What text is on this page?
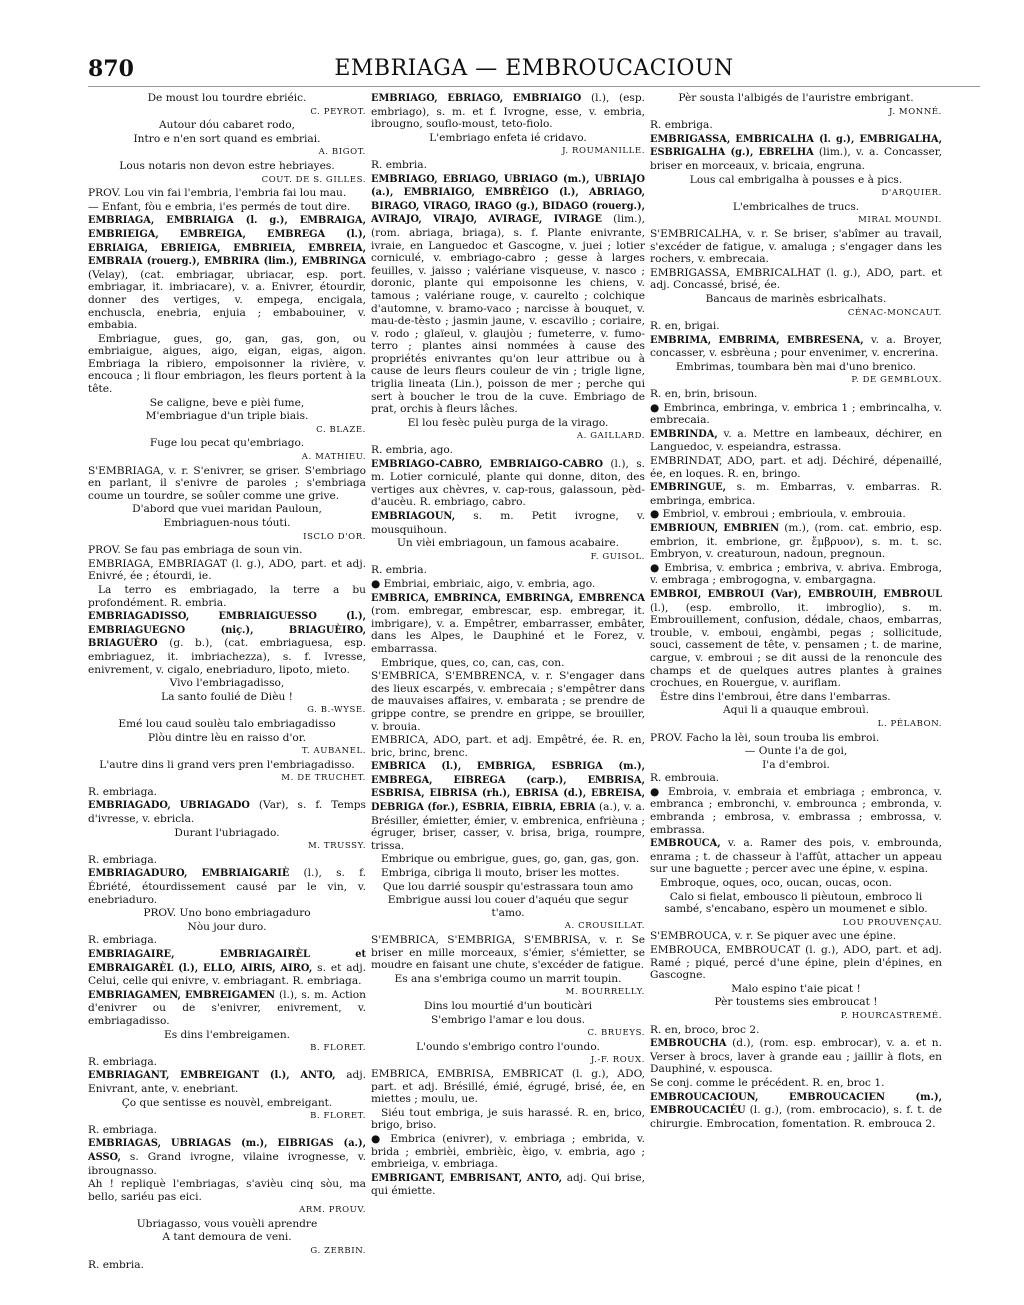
870	EMBRIAGA — EMBROUCACIOUN

De moust lou tourdre ebriéic.

C. PEYROT.

Autour dóu cabaret rodo,

Intro e n'en sort quand es embriai.

A. BIGOT.

Lous notaris non devon estre hebriayes.

COUT. DE S. GILLES.

PROV. Lou vin fai l'embria, l'embria fai lou mau.

— Enfant, fòu e embria, i'es permés de tout dire.

EMBRIAGA, EMBRIAIGA (l. g.), EMBRAIGA, EMBRIEIGA, EMBREIGA, EMBREGA (l.), EBRIAIGA, EBRIEIGA, EMBRIEIA, EMBREIA, EMBRAIA (rouerg.), EMBRIRA (lim.), EMBRINGA (Velay), (cat. embriagar, ubriacar, esp. port. embriagar, it. imbriacare), v. a. Enivrer, étourdir, donner des vertiges, v. empega, encigala, enchuscla, enebria, enjuia ; embabouiner, v. embabia.

Embriague, gues, go, gan, gas, gon, ou embriaigue, aigues, aigo, eigan, eigas, aigon. Embriaga la ribiero, empoisonner la rivière, v. encouca ; li flour embriagon, les fleurs portent à la tête.

Se caligne, beve e pièi fume,

M'embriague d'un triple biais.

C. BLAZE.

Fuge lou pecat qu'embriago.

A. MATHIEU.

S'EMBRIAGA, v. r. S'enivrer, se griser. S'embriago en parlant, il s'enivre de paroles ; s'embriaga coume un tourdre, se soûler comme une grive.

D'abord que vuei maridan Pauloun,

Embriaguen-nous tóuti.

ISCLO D'OR.

PROV. Se fau pas embriaga de soun vin.

EMBRIAGA, EMBRIAGAT (l. g.), ADO, part. et adj. Enivré, ée ; étourdi, ie.

La terro es embriagado, la terre a bu profondément. R. embria.

EMBRIAGADISSO, EMBRIAIGUESSO (l.), EMBRIAGUEGNO (niç.), BRIAGUÈIRO, BRIAGUÈRO (g. b.), (cat. embriaguesa, esp. embriaguez, it. imbriachezza), s. f. Ivresse, enivrement, v. cigalo, enebriaduro, lipoto, mieto.

Vivo l'embriagadisso,

La santo foulié de Dièu !

G. B.-WYSE.

Emé lou caud soulèu talo embriagadisso

Plòu dintre lèu en raisso d'or.

T. AUBANEL.

L'autre dins li grand vers pren l'embriagadisso.

M. DE TRUCHET.

R. embriaga.

EMBRIAGADO, UBRIAGADO (Var), s. f. Temps d'ivresse, v. ebricla.

Durant l'ubriagado.

M. TRUSSY.

R. embriaga.

EMBRIAGADURO, EMBRIAIGARIÈ (l.), s. f. Ébriété, étourdissement causé par le vin, v. enebriaduro.

PROV. Uno bono embriagaduro

Nòu jour duro.

R. embriaga.

EMBRIAGAIRE, EMBRIAGAIRÈL et EMBRAIGARÈL (l.), ELLO, AIRIS, AIRO, s. et adj. Celui, celle qui enivre, v. embriagant. R. embriaga.

EMBRIAGAMEN, EMBREIGAMEN (l.), s. m. Action d'enivrer ou de s'enivrer, enivrement, v. embriagadisso.

Es dins l'embreigamen.

B. FLORET.

R. embriaga.

EMBRIAGANT, EMBREIGANT (l.), ANTO, adj. Enivrant, ante, v. enebriant.

Ço que sentisse es nouvèl, embreigant.

B. FLORET.

R. embriaga.

EMBRIAGAS, UBRIAGAS (m.), EIBRIGAS (a.), ASSO, s. Grand ivrogne, vilaine ivrognesse, v. ibrougnasso.

Ah ! repliquè l'embriagas, s'avièu cinq sòu, ma bello, sariéu pas eici.

ARM. PROUV.

Ubriagasso, vous vouèli aprendre

A tant demoura de veni.

G. ZERBIN.

R. embria.

EMBRIAGO, EBRIAGO, EMBRIAIGO (l.), (esp. embriago), s. m. et f. Ivrogne, esse, v. embria, ibrougno, souflo-moust, teto-fiolo.

L'embriago enfeta ié cridavo.

J. ROUMANILLE.

R. embria.

EMBRIAGO, EBRIAGO, UBRIAGO (m.), UBRIAJO (a.), EMBRIAIGO, EMBRÈIGO (l.), ABRIAGO, BIRAGO, VIRAGO, IRAGO (g.), BIDAGO (rouerg.), AVIRAJO, VIRAJO, AVIRAGE, IVIRAGE (lim.), (rom. abriaga, briaga), s. f. Plante enivrante, ivraie, en Languedoc et Gascogne, v. juei ; lotier corniculé, v. embriago-cabro ; gesse à larges feuilles, v. jaisso ; valériane visqueuse, v. nasco ; doronic, plante qui empoisonne les chiens, v. tamous ; valériane rouge, v. caurelto ; colchique d'automne, v. bramo-vaco ; narcisse à bouquet, v. mau-de-tèsto ; jasmin jaune, v. escavilio ; coriaire, v. rodo ; glaïeul, v. glaujòu ; fumeterre, v. fumo-terro ; plantes ainsi nommées à cause des propriétés enivrantes qu'on leur attribue ou à cause de leurs fleurs couleur de vin ; trigle ligne, triglia lineata (Lin.), poisson de mer ; perche qui sert à boucher le trou de la cuve. Embriago de prat, orchis à fleurs lâches.

El lou fesèc pulèu purga de la virago.

A. GAILLARD.

R. embria, ago.

EMBRIAGO-CABRO, EMBRIAIGO-CABRO (l.), s. m. Lotier corniculé, plante qui donne, diton, des vertiges aux chèvres, v. cap-rous, galassoun, pèd-d'aucèu. R. embriago, cabro.

EMBRIAGOUN, s. m. Petit ivrogne, v. mousquihoun.

Un vièi embriagoun, un famous acabaire.

F. GUISOL.

R. embria.

● Embriai, embriaic, aigo, v. embria, ago.

EMBRICA, EMBRINCA, EMBRINGA, EMBRENCA (rom. embregar, embrescar, esp. embregar, it. imbrigare), v. a. Empêtrer, embarrasser, embâter, dans les Alpes, le Dauphiné et le Forez, v. embarrassa.

Embrique, ques, co, can, cas, con.

S'EMBRICA, S'EMBRENCA, v. r. S'engager dans des lieux escarpés, v. embrecaia ; s'empêtrer dans de mauvaises affaires, v. embarata ; se prendre de grippe contre, se prendre en grippe, se brouiller, v. brouia.

EMBRICA, ADO, part. et adj. Empêtré, ée. R. en, bric, brinc, brenc.

EMBRICA (l.), EMBRIGA, ESBRIGA (m.), EMBREGA, EIBREGA (carp.), EMBRISA, ESBRISA, EIBRISA (rh.), EBRISA (d.), EBREISA, DEBRIGA (for.), ESBRIA, EIBRIA, EBRIA (a.), v. a. Brésiller, émietter, émier, v. embrenica, enfrièuna ; égruger, briser, casser, v. brisa, briga, roumpre, trissa.

Embrique ou embrigue, gues, go, gan, gas, gon.

Embriga, cibriga li mouto, briser les mottes.

Que lou darrié souspir qu'estrassara toun amo

Embrigue aussi lou couer d'aquéu que segur t'amo.

A. CROUSILLAT.

S'EMBRICA, S'EMBRIGA, S'EMBRISA, v. r. Se briser en mille morceaux, s'émier, s'émietter, se moudre en faisant une chute, s'excéder de fatigue.

Es ana s'embriga coumo un marrit toupin.

M. BOURRELLY.

Dins lou mourtié d'un bouticàri

S'embrigo l'amar e lou dous.

C. BRUEYS.

L'oundo s'embrigo contro l'oundo.

J.-F. ROUX.

EMBRICA, EMBRISA, EMBRICAT (l. g.), ADO, part. et adj. Brésillé, émié, égrugé, brisé, ée, en miettes ; moulu, ue.

Siéu tout embriga, je suis harassé. R. en, brico, brigo, briso.

● Embrica (enivrer), v. embriaga ; embrida, v. brida ; embrièi, embrièic, èigo, v. embria, ago ; embrieiga, v. embriaga.

EMBRIGANT, EMBRISANT, ANTO, adj. Qui brise, qui émiette.

Pèr sousta l'albigés de l'auristre embrigant.

J. MONNÉ.

R. embriga.

EMBRIGASSA, EMBRICALHA (l. g.), EMBRIGALHA, ESBRIGALHA (g.), EBRELHA (lim.), v. a. Concasser, briser en morceaux, v. bricaia, engruna.

Lous cal embrigalha à pousses e à pics.

D'ARQUIER.

L'embricalhes de trucs.

MIRAL MOUNDI.

S'EMBRICALHA, v. r. Se briser, s'abîmer au travail, s'excéder de fatigue, v. amaluga ; s'engager dans les rochers, v. embrecaia.

EMBRIGASSA, EMBRICALHAT (l. g.), ADO, part. et adj. Concassé, brisé, ée.

Bancaus de marinès esbricalhats.

CÉNAC-MONCAUT.

R. en, brigai.

EMBRIMA, EMBRIMA, EMBRESENA, v. a. Broyer, concasser, v. esbrèuna ; pour envenimer, v. encrerina.

Embrimas, toumbara bèn mai d'uno brenico.

P. DE GEMBLOUX.

R. en, brin, brisoun.

● Embrinca, embringa, v. embrica 1 ; embrincalha, v. embrecaia.

EMBRINDA, v. a. Mettre en lambeaux, déchirer, en Languedoc, v. espeiandra, estrassa.

EMBRINDAT, ADO, part. et adj. Déchiré, dépenaillé, ée, en loques. R. en, bringo.

EMBRINGUE, s. m. Embarras, v. embarras. R. embringa, embrica.

● Embriol, v. embroui ; embrioula, v. embrouia.

EMBRIOUN, EMBRIEN (m.), (rom. cat. embrio, esp. embrion, it. embrione, gr. ἔμβρυον), s. m. t. sc. Embryon, v. creaturoun, nadoun, pregnoun.

● Embrisa, v. embrica ; embriva, v. abriva. Embroga, v. embraga ; embrogogna, v. embargagna.

EMBROI, EMBROUI (Var), EMBROUIH, EMBROUL (l.), (esp. embrollo, it. imbroglio), s. m. Embrouillement, confusion, dédale, chaos, embarras, trouble, v. emboui, engàmbi, pegas ; sollicitude, souci, cassement de tête, v. pensamen ; t. de marine, cargue, v. embroui ; se dit aussi de la renoncule des champs et de quelques autres plantes à graines crochues, en Rouergue, v. auriflam.

Èstre dins l'embroui, être dans l'embarras.

Aqui li a quauque embrouì.

L. PÉLABON.

PROV. Facho la lèi, soun trouba lis embroi.

— Ounte i'a de goi,

I'a d'embroi.

R. embrouia.

● Embroia, v. embraia et embriaga ; embronca, v. embranca ; embronchi, v. embrounca ; embronda, v. embranda ; embrosa, v. embrassa ; embrossa, v. embrassa.

EMBROUCA, v. a. Ramer des pois, v. embrounda, enrama ; t. de chasseur à l'affût, attacher un appeau sur une baguette ; percer avec une épine, v. espina.

Embroque, oques, oco, oucan, oucas, ocon.

Calo si fielat, embousco li pièutoun, embroco li sambé, s'encabano, espèro un moumenet e siblo.

LOU PROUVENÇAU.

S'EMBROUCA, v. r. Se piquer avec une épine.

EMBROUCA, EMBROUCAT (l. g.), ADO, part. et adj. Ramé ; piqué, percé d'une épine, plein d'épines, en Gascogne.

Malo espino t'aie picat !

Pèr toustems sies embroucat !

P. HOURCASTREMÉ.

R. en, broco, broc 2.

EMBROUCHA (d.), (rom. esp. embrocar), v. a. et n. Verser à brocs, laver à grande eau ; jaillir à flots, en Dauphiné, v. espousca.

Se conj. comme le précédent. R. en, broc 1.

EMBROUCACIOUN, EMBROUCACIEN (m.), EMBROUCACIÉU (l. g.), (rom. embrocacio), s. f. t. de chirurgie. Embrocation, fomentation. R. embrouca 2.
